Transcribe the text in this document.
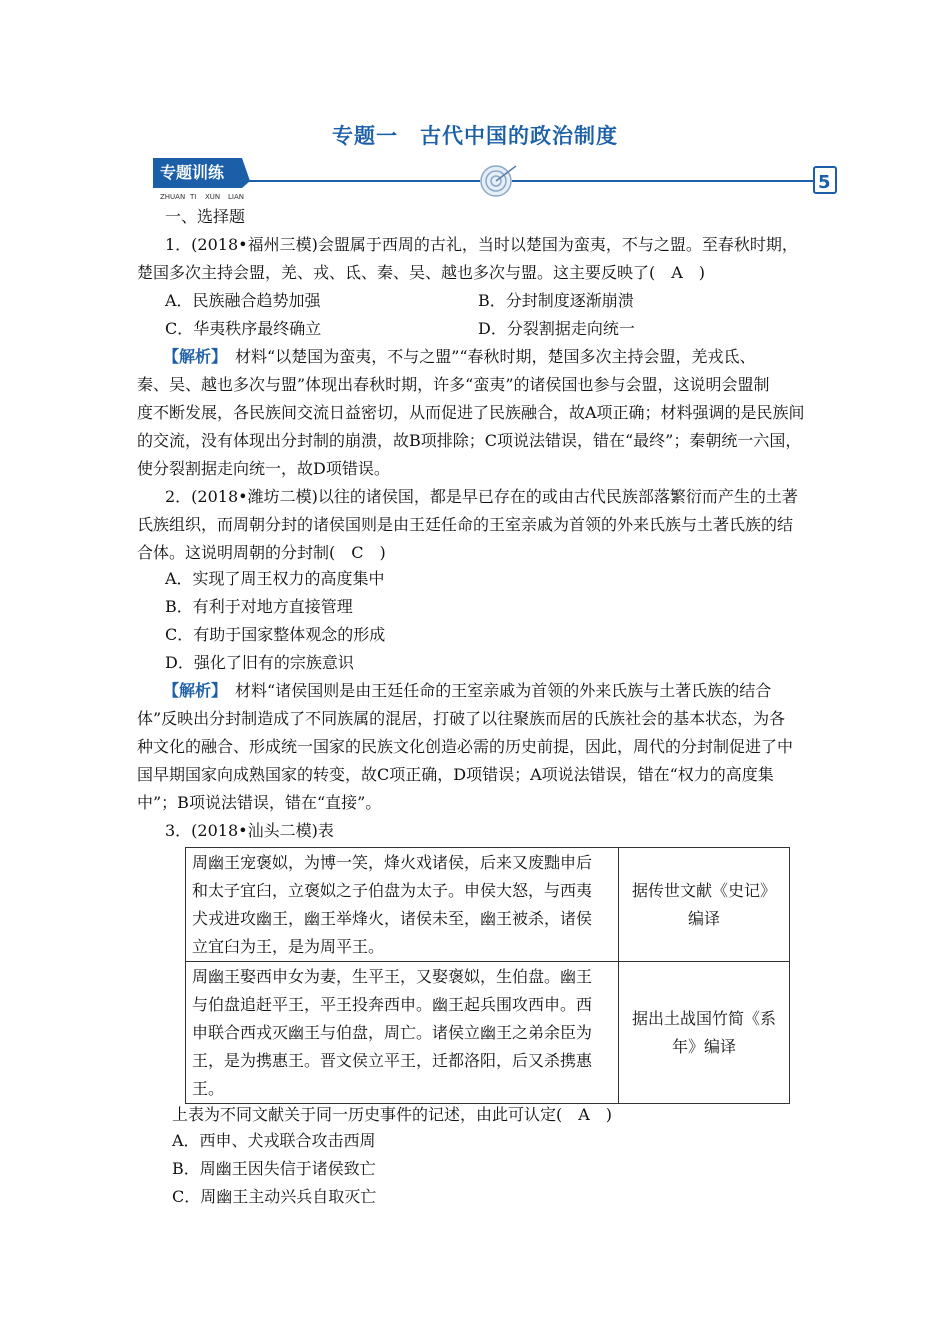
专题一　古代中国的政治制度
专题训练
ZHUAN TI XUN LIAN
5
一、选择题
1．(2018•福州三模)会盟属于西周的古礼，当时以楚国为蛮夷，不与之盟。至春秋时期，
楚国多次主持会盟，羌、戎、氐、秦、吴、越也多次与盟。这主要反映了(　A　)
A．民族融合趋势加强	B．分封制度逐渐崩溃
C．华夷秩序最终确立	D．分裂割据走向统一
【解析】　材料“以楚国为蛮夷，不与之盟”“春秋时期，楚国多次主持会盟，羌戎氐、
秦、吴、越也多次与盟”体现出春秋时期，许多“蛮夷”的诸侯国也参与会盟，这说明会盟制
度不断发展，各民族间交流日益密切，从而促进了民族融合，故A项正确；材料强调的是民族间
的交流，没有体现出分封制的崩溃，故B项排除；C项说法错误，错在“最终”；秦朝统一六国，
使分裂割据走向统一，故D项错误。
2．(2018•潍坊二模)以往的诸侯国，都是早已存在的或由古代民族部落繁衍而产生的土著
氏族组织，而周朝分封的诸侯国则是由王廷任命的王室亲戚为首领的外来氏族与土著氏族的结
合体。这说明周朝的分封制(　C　)
A．实现了周王权力的高度集中
B．有利于对地方直接管理
C．有助于国家整体观念的形成
D．强化了旧有的宗族意识
【解析】　材料“诸侯国则是由王廷任命的王室亲戚为首领的外来氏族与土著氏族的结合
体”反映出分封制造成了不同族属的混居，打破了以往聚族而居的氏族社会的基本状态，为各
种文化的融合、形成统一国家的民族文化创造必需的历史前提，因此，周代的分封制促进了中
国早期国家向成熟国家的转变，故C项正确，D项错误；A项说法错误，错在“权力的高度集
中”；B项说法错误，错在“直接”。
3．(2018•汕头二模)表
周幽王宠褒姒，为博一笑，烽火戏诸侯，后来又废黜申后
和太子宜臼，立褒姒之子伯盘为太子。申侯大怒，与西夷
犬戎进攻幽王，幽王举烽火，诸侯未至，幽王被杀，诸侯
立宜臼为王，是为周平王。	据传世文献《史记》
编译

周幽王娶西申女为妻，生平王，又娶褒姒，生伯盘。幽王
与伯盘追赶平王，平王投奔西申。幽王起兵围攻西申。西
申联合西戎灭幽王与伯盘，周亡。诸侯立幽王之弟余臣为
王，是为携惠王。晋文侯立平王，迁都洛阳，后又杀携惠
王。	据出土战国竹简《系
年》编译
上表为不同文献关于同一历史事件的记述，由此可认定(　A　)
A．西申、犬戎联合攻击西周
B．周幽王因失信于诸侯致亡
C．周幽王主动兴兵自取灭亡
